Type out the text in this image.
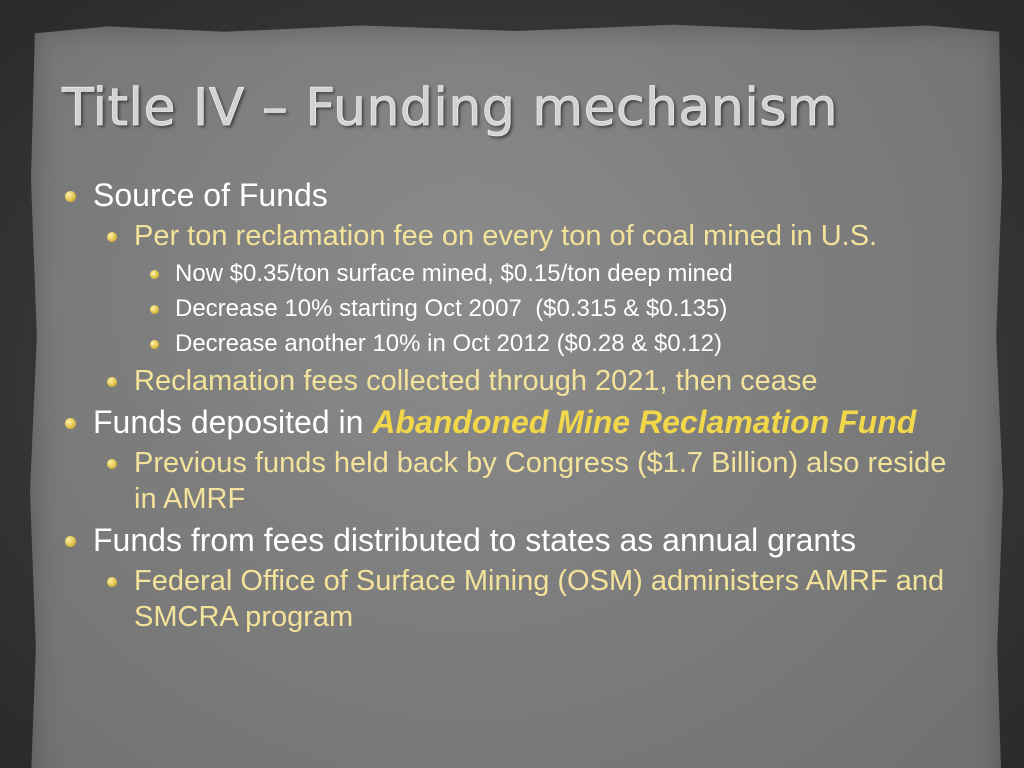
Title IV – Funding mechanism
Source of Funds
Per ton reclamation fee on every ton of coal mined in U.S.
Now $0.35/ton surface mined, $0.15/ton deep mined
Decrease 10% starting Oct 2007  ($0.315 & $0.135)
Decrease another 10% in Oct 2012 ($0.28 & $0.12)
Reclamation fees collected through 2021, then cease
Funds deposited in Abandoned Mine Reclamation Fund
Previous funds held back by Congress ($1.7 Billion) also reside in AMRF
Funds from fees distributed to states as annual grants
Federal Office of Surface Mining (OSM) administers AMRF and SMCRA program
